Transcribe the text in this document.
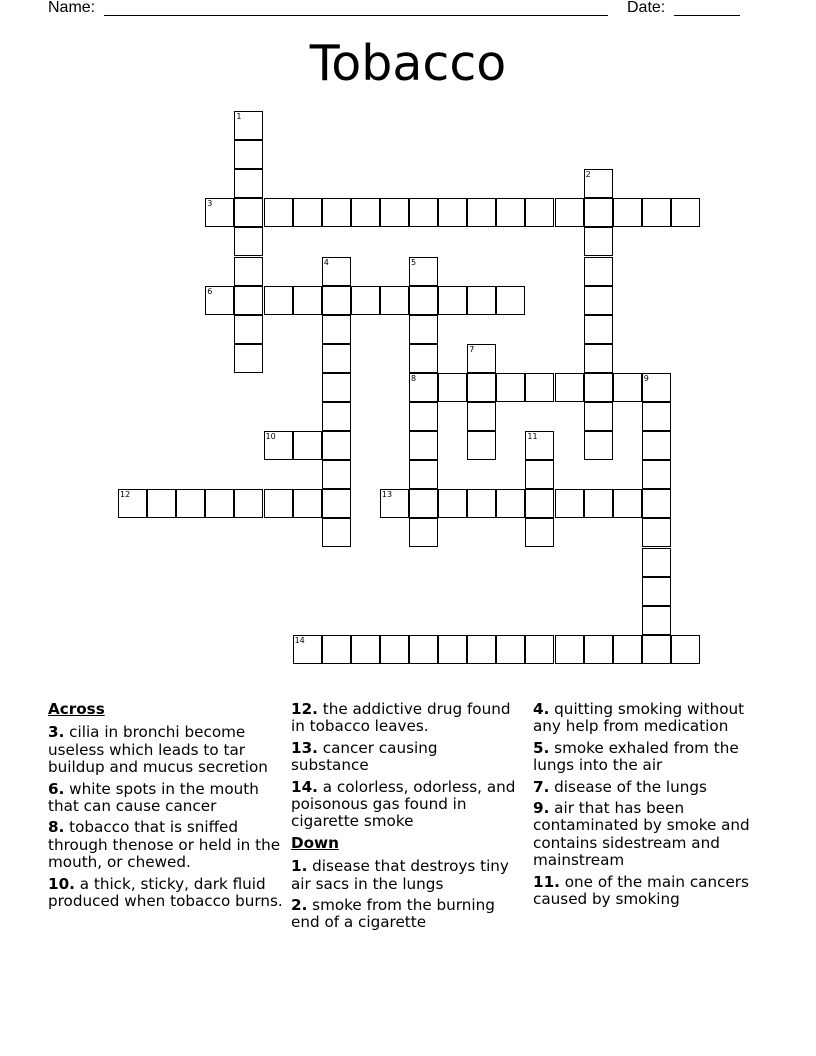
Name:	Date:
Tobacco
1
2
3
4	5
8
6
7
9
10	11
12	13
14
Across
3. cilia in bronchi become useless which leads to tar buildup and mucus secretion
6. white spots in the mouth that can cause cancer
8. tobacco that is sniffed through thenose or held in the mouth, or chewed.
10. a thick, sticky, dark fluid produced when tobacco burns.
12. the addictive drug found in tobacco leaves.
13. cancer causing substance
14. a colorless, odorless, and poisonous gas found in cigarette smoke
Down
1. disease that destroys tiny air sacs in the lungs
2. smoke from the burning end of a cigarette
4. quitting smoking without any help from medication
5. smoke exhaled from the lungs into the air
7. disease of the lungs
9. air that has been contaminated by smoke and contains sidestream and mainstream
11. one of the main cancers caused by smoking
